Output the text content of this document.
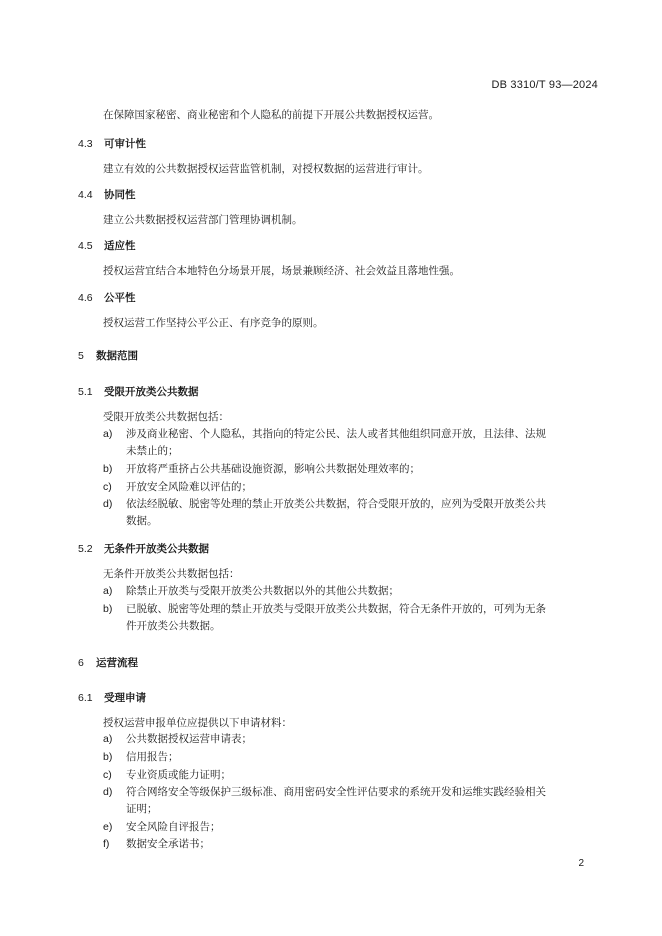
DB 3310/T 93—2024
在保障国家秘密、商业秘密和个人隐私的前提下开展公共数据授权运营。
4.3 可审计性
建立有效的公共数据授权运营监管机制，对授权数据的运营进行审计。
4.4 协同性
建立公共数据授权运营部门管理协调机制。
4.5 适应性
授权运营宜结合本地特色分场景开展，场景兼顾经济、社会效益且落地性强。
4.6 公平性
授权运营工作坚持公平公正、有序竞争的原则。
5 数据范围
5.1 受限开放类公共数据
受限开放类公共数据包括：
a) 涉及商业秘密、个人隐私，其指向的特定公民、法人或者其他组织同意开放，且法律、法规
未禁止的；
b) 开放将严重挤占公共基础设施资源，影响公共数据处理效率的；
c) 开放安全风险难以评估的；
d) 依法经脱敏、脱密等处理的禁止开放类公共数据，符合受限开放的，应列为受限开放类公共
数据。
5.2 无条件开放类公共数据
无条件开放类公共数据包括：
a) 除禁止开放类与受限开放类公共数据以外的其他公共数据；
b) 已脱敏、脱密等处理的禁止开放类与受限开放类公共数据，符合无条件开放的，可列为无条
件开放类公共数据。
6 运营流程
6.1 受理申请
授权运营申报单位应提供以下申请材料：
a) 公共数据授权运营申请表；
b) 信用报告；
c) 专业资质或能力证明；
d) 符合网络安全等级保护三级标准、商用密码安全性评估要求的系统开发和运维实践经验相关
证明；
e) 安全风险自评报告；
f) 数据安全承诺书；
2
